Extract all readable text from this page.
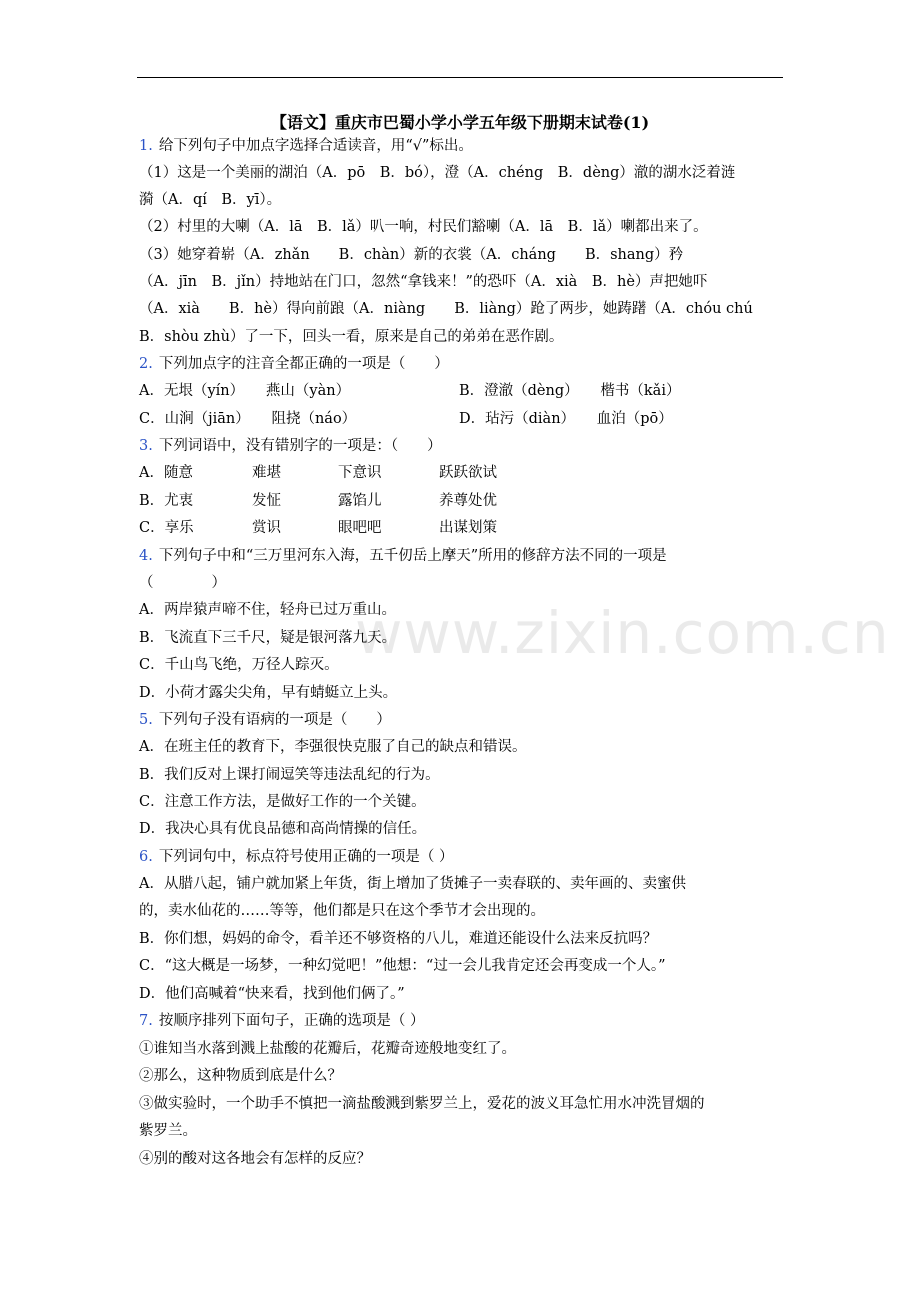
【语文】重庆市巴蜀小学小学五年级下册期末试卷(1)
www.zixin.com.cn
1. 给下列句子中加点字选择合适读音，用“√”标出。
（1）这是一个美丽的湖泊（A．pō　B．bó），澄（A．chéng　B．dèng）澈的湖水泛着涟
漪（A．qí　B．yī）。
（2）村里的大喇（A．lā　B．lǎ）叭一响，村民们豁喇（A．lā　B．lǎ）喇都出来了。
（3）她穿着崭（A．zhǎn　　B．chàn）新的衣裳（A．cháng　　B．shang）矜
（A．jīn　B．jǐn）持地站在门口，忽然“拿钱来！”的恐吓（A．xià　B．hè）声把她吓
（A．xià　　B．hè）得向前踉（A．niàng　　B．liàng）跄了两步，她踌躇（A．chóu chú
B．shòu zhù）了一下，回头一看，原来是自己的弟弟在恶作剧。
2. 下列加点字的注音全都正确的一项是（　　）
A．无垠（yín）　　燕山（yàn）	B．澄澈（dèng）　　楷书（kǎi）
C．山涧（jiān）　　阻挠（náo）	D．玷污（diàn）　　血泊（pō）
3. 下列词语中，没有错别字的一项是：（　　）
A．随意	难堪	下意识	跃跃欲试
B．尤衷	发怔	露馅儿	养尊处优
C．享乐	赏识	眼吧吧	出谋划策
4. 下列句子中和“三万里河东入海，五千仞岳上摩天”所用的修辞方法不同的一项是
（　　　　）
A．两岸猿声啼不住，轻舟已过万重山。
B．飞流直下三千尺，疑是银河落九天。
C．千山鸟飞绝，万径人踪灭。
D．小荷才露尖尖角，早有蜻蜓立上头。
5. 下列句子没有语病的一项是（　　）
A．在班主任的教育下，李强很快克服了自己的缺点和错误。
B．我们反对上课打闹逗笑等违法乱纪的行为。
C．注意工作方法，是做好工作的一个关键。
D．我决心具有优良品德和高尚情操的信任。
6. 下列词句中，标点符号使用正确的一项是（ ）
A．从腊八起，铺户就加紧上年货，街上增加了货摊子一卖春联的、卖年画的、卖蜜供
的，卖水仙花的……等等，他们都是只在这个季节才会出现的。
B．你们想，妈妈的命令，看羊还不够资格的八儿，难道还能设什么法来反抗吗？
C．“这大概是一场梦，一种幻觉吧！”他想：“过一会儿我肯定还会再变成一个人。”
D．他们高喊着“快来看，找到他们俩了。”
7. 按顺序排列下面句子，正确的选项是（ ）
①谁知当水落到溅上盐酸的花瓣后，花瓣奇迹般地变红了。
②那么，这种物质到底是什么？
③做实验时，一个助手不慎把一滴盐酸溅到紫罗兰上，爱花的波义耳急忙用水冲洗冒烟的
紫罗兰。
④别的酸对这各地会有怎样的反应？
